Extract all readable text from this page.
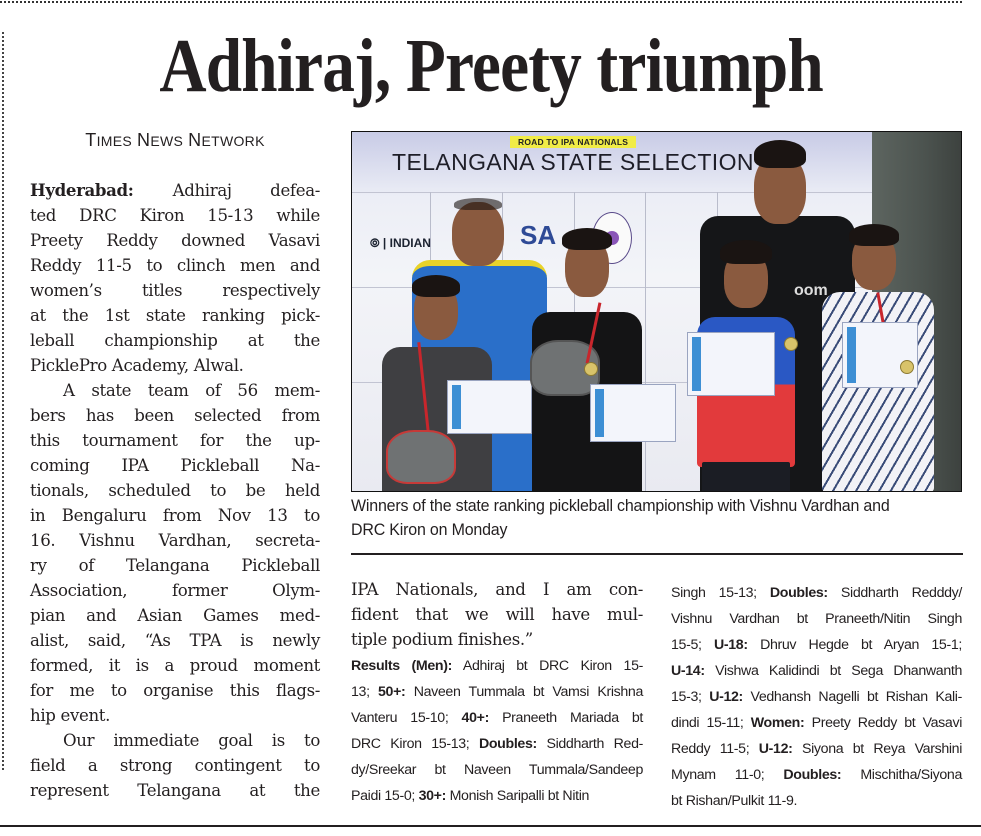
Adhiraj, Preety triumph
TIMES NEWS NETWORK
Hyderabad: Adhiraj defea-
ted DRC Kiron 15-13 while
Preety Reddy downed Vasavi
Reddy 11-5 to clinch men and
women’s titles respectively
at the 1st state ranking pick-
leball championship at the
PicklePro Academy, Alwal.
A state team of 56 mem-
bers has been selected from
this tournament for the up-
coming IPA Pickleball Na-
tionals, scheduled to be held
in Bengaluru from Nov 13 to
16. Vishnu Vardhan, secreta-
ry of Telangana Pickleball
Association, former Olym-
pian and Asian Games med-
alist, said, “As TPA is newly
formed, it is a proud moment
for me to organise this flags-
hip event.
Our immediate goal is to
field a strong contingent to
represent Telangana at the
ROAD TO IPA NATIONALS
TELANGANA STATE SELECTION
⦾ | INDIAN	SA
oom
Winners of the state ranking pickleball championship with Vishnu Vardhan and DRC Kiron on Monday
IPA Nationals, and I am con-
fident that we will have mul-
tiple podium finishes.”
Results (Men): Adhiraj bt DRC Kiron 15-
13; 50+: Naveen Tummala bt Vamsi Krishna
Vanteru 15-10; 40+: Praneeth Mariada bt
DRC Kiron 15-13; Doubles: Siddharth Red-
dy/Sreekar bt Naveen Tummala/Sandeep
Paidi 15-0; 30+: Monish Saripalli bt Nitin
Singh 15-13; Doubles: Siddharth Redddy/
Vishnu Vardhan bt Praneeth/Nitin Singh
15-5; U-18: Dhruv Hegde bt Aryan 15-1;
U-14: Vishwa Kalidindi bt Sega Dhanwanth
15-3; U-12: Vedhansh Nagelli bt Rishan Kali-
dindi 15-11; Women: Preety Reddy bt Vasavi
Reddy 11-5; U-12: Siyona bt Reya Varshini
Mynam 11-0; Doubles: Mischitha/Siyona
bt Rishan/Pulkit 11-9.
